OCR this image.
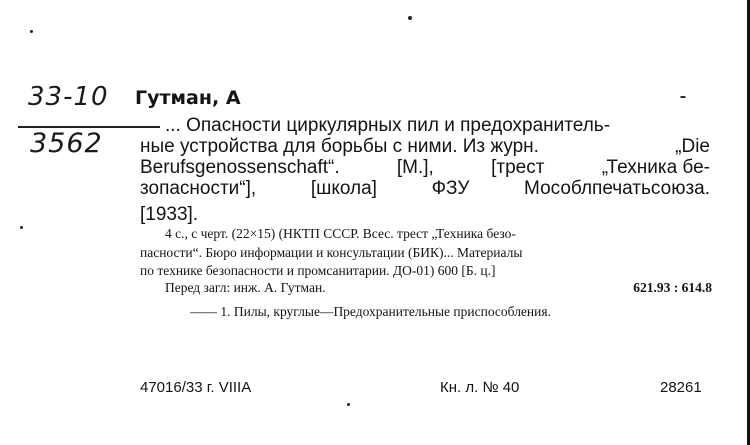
33-10
3562
Гутман, А
... Опасности циркулярных пил и предохранитель-
ные устройства для борьбы с ними. Из журн.	„Die
Berufsgenossenschaft“.	[М.],	[трест	„Техника бе-
зопасности“],	[школа]	ФЗУ	Мособлпечатьсоюза.
[1933].
4 с., с черт. (22×15) (НКТП СССР. Всес. трест „Техника безо-
пасности“. Бюро информации и консультации (БИК)... Материалы
по технике безопасности и промсанитарии. ДО-01) 600 [Б. ц.]
Перед загл: инж. А. Гутман.	621.93 : 614.8
—— 1. Пилы, круглые—Предохранительные приспособления.
47016/33 г. VIIIA	Кн. л. № 40	28261
